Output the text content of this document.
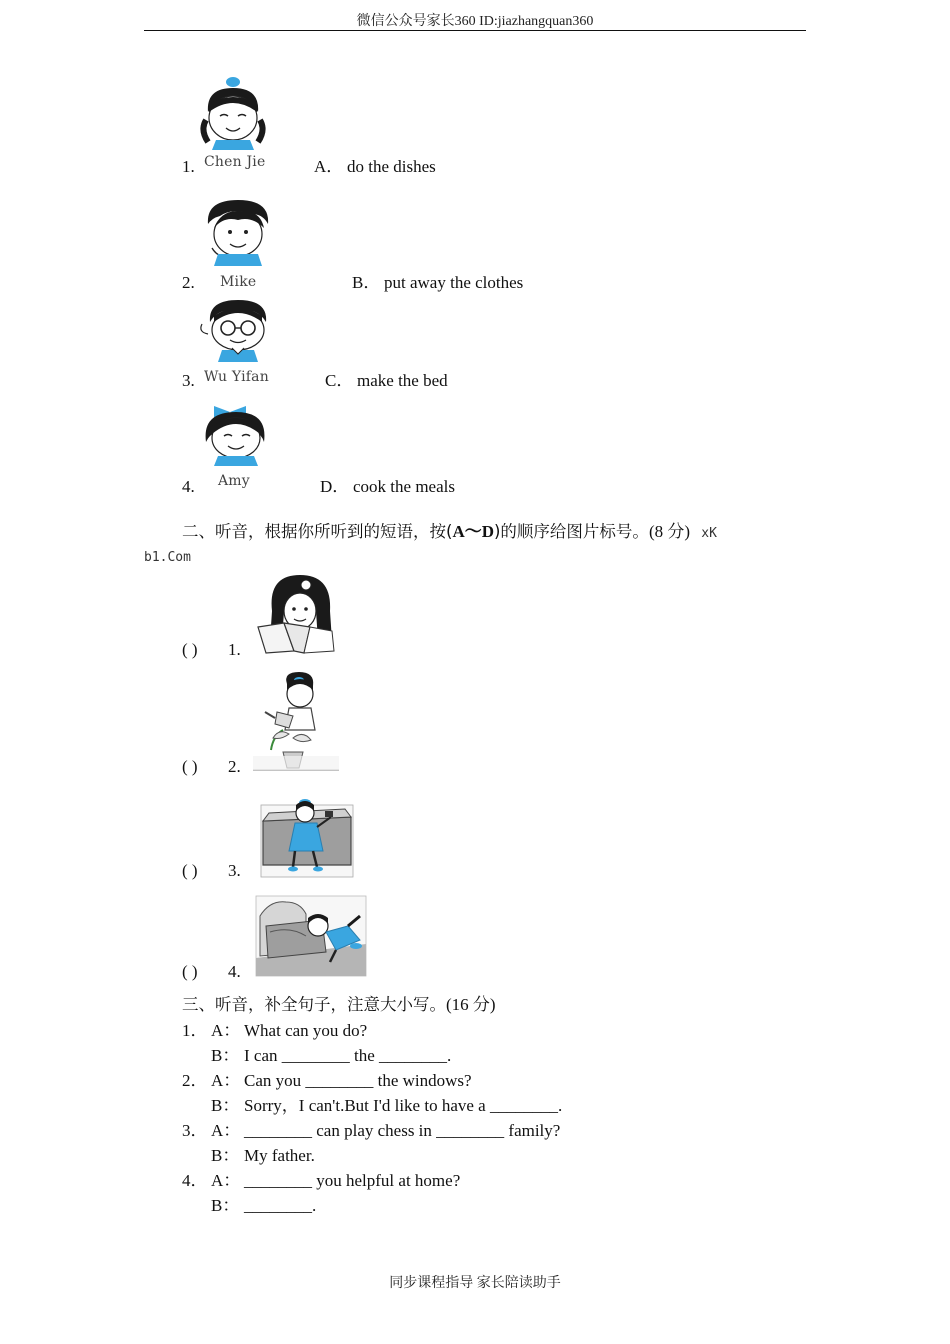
微信公众号家长360 ID:jiazhangquan360
1. Chen Jie	A． do the dishes
2. Mike	B． put away the clothes
3. Wu Yifan	C． make the bed
4. Amy	D． cook the meals
二、听音，根据你所听到的短语，按(A～D)的顺序给图片标号。(8 分) xK
b1.Com
( ) 1.
( ) 2.
( ) 3.
( ) 4.
三、听音，补全句子，注意大小写。(16 分)
1． A： What can you do?
B： I can ________ the ________.
2． A： Can you ________ the windows?
B： Sorry，I can't.But I'd like to have a ________.
3． A： ________ can play chess in ________ family?
B： My father.
4． A： ________ you helpful at home?
B： ________.
同步课程指导 家长陪读助手
